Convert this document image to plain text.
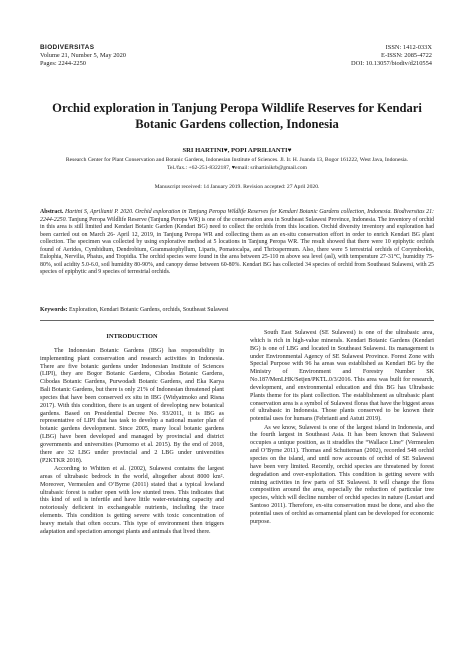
BIODIVERSITAS
Volume 21, Number 5, May 2020
Pages: 2244-2250
ISSN: 1412-033X
E-ISSN: 2085-4722
DOI: 10.13057/biodiv/d210554
Orchid exploration in Tanjung Peropa Wildlife Reserves for Kendari Botanic Gardens collection, Indonesia
SRI HARTINI♥, POPI APRILIANTI♥
Research Center for Plant Conservation and Botanic Gardens, Indonesian Institute of Sciences. Jl. Ir. H. Juanda 13, Bogor 161222, West Java, Indonesia.
Tel./fax.: +62-251-8322187, ♥email: srihartinikrb@gmail.com
Manuscript received: 14 January 2019. Revision accepted: 27 April 2020.
Abstract. Hartini S, Aprilianti P. 2020. Orchid exploration in Tanjung Peropa Wildlife Reserves for Kendari Botanic Gardens collection, Indonesia. Biodiversitas 21: 2244-2250. Tanjung Peropa Wildlife Reserve (Tanjung Peropa WR) is one of the conservation area in Southeast Sulawesi Province, Indonesia. The inventory of orchid in this area is still limited and Kendari Botanic Garden (Kendari BG) need to collect the orchids from this location. Orchid diversity inventory and exploration had been carried out on March 26- April 12, 2019, in Tanjung Peropa WR and collecting them as an ex-situ conservation effort in order to enrich Kendari BG plant collection. The specimen was collected by using explorative method at 5 locations in Tanjung Peropa WR. The result showed that there were 10 epiphytic orchids found of Aerides, Cymbidium, Dendrobium, Grammatophyllum, Liparis, Pomatocalpa, and Thrixspermum. Also, there were 5 terrestrial orchids of Corymborkis, Eulophia, Nervilia, Phaius, and Tropidia. The orchid species were found in the area between 25-110 m above sea level (asl), with temperature 27-31°C, humidity 75-80%, soil acidity 5.0-6.0, soil humidity 80-90%, and canopy dense between 60-80%. Kendari BG has collected 34 species of orchid from Southeast Sulawesi, with 25 species of epiphytic and 9 species of terrestrial orchids.
Keywords: Exploration, Kendari Botanic Gardens, orchids, Southeast Sulawesi
INTRODUCTION

The Indonesian Botanic Gardens (IBG) has responsibility in implementing plant conservation and research activities in Indonesia. There are five botanic gardens under Indonesian Institute of Sciences (LIPI), they are Bogor Botanic Gardens, Cibodas Botanic Gardens, Cibodas Botanic Gardens, Purwodadi Botanic Gardens, and Eka Karya Bali Botanic Gardens, but there is only 21% of Indonesian threatened plant species that have been conserved ex situ in IBG (Widyatmoko and Risna 2017). With this condition, there is an urgent of developing new botanical gardens. Based on Presidential Decree No. 93/2011, it is IBG as representative of LIPI that has task to develop a national master plan of botanic gardens development. Since 2005, many local botanic gardens (LBG) have been developed and managed by provincial and district governments and universities (Purnomo et al. 2015). By the end of 2018, there are 32 LBG under provincial and 2 LBG under universities (P2KTKR 2018).

According to Whitten et al. (2002), Sulawesi contains the largest areas of ultrabasic bedrock in the world, altogether about 8000 km². Moreover, Vermeulen and O’Byrne (2011) stated that a typical lowland ultrabasic forest is rather open with low stunted trees. This indicates that this kind of soil is infertile and have little water-retaining capacity and notoriously deficient in exchangeable nutrients, including the trace elements. This condition is getting severe with toxic concentration of heavy metals that often occurs. This type of environment then triggers adaptation and speciation amongst plants and animals that lived there.

South East Sulawesi (SE Sulawesi) is one of the ultrabasic area, which is rich in high-value minerals. Kendari Botanic Gardens (Kendari BG) is one of LBG and located in Southeast Sulawesi. Its management is under Environmental Agency of SE Sulawesi Province. Forest Zone with Special Purpose with 96 ha areas was established as Kendari BG by the Ministry of Environment and Forestry Number SK No.187/MenLHK/Setjen/PKTL.0/3/2016. This area was built for research, development, and environmental education and this BG has Ultrabasic Plants theme for its plant collection. The establishment as ultrabasic plant conservation area is a symbol of Sulawesi floras that have the biggest areas of ultrabasic in Indonesia. Those plants conserved to be known their potential uses for humans (Febrianti and Astuti 2019).

As we know, Sulawesi is one of the largest island in Indonesia, and the fourth largest in Southeast Asia. It has been known that Sulawesi occupies a unique position, as it straddles the “Wallace Line” (Vermeulen and O’Byrne 2011). Thomas and Schuiteman (2002), recorded 548 orchid species on the island, and until now accounts of orchid of SE Sulawesi have been very limited. Recently, orchid species are threatened by forest degradation and over-exploitation. This condition is getting severe with mining activities in few parts of SE Sulawesi. It will change the flora composition around the area, especially the reduction of particular tree species, which will decline number of orchid species in nature (Lestari and Santoso 2011). Therefore, ex-situ conservation must be done, and also the potential uses of orchid as ornamental plant can be developed for economic purpose.
